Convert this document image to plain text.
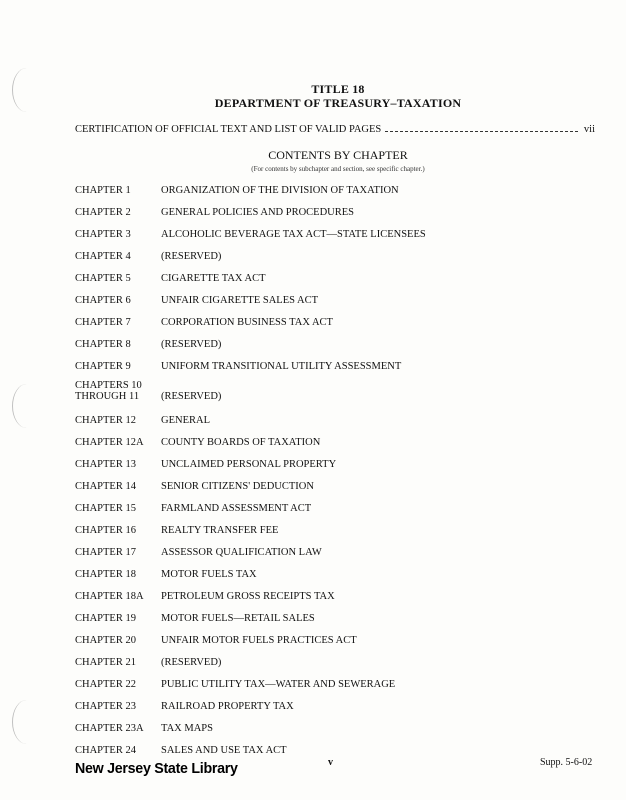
TITLE 18
DEPARTMENT OF TREASURY–TAXATION
CERTIFICATION OF OFFICIAL TEXT AND LIST OF VALID PAGES	vii
CONTENTS BY CHAPTER
(For contents by subchapter and section, see specific chapter.)
CHAPTER 1	ORGANIZATION OF THE DIVISION OF TAXATION
CHAPTER 2	GENERAL POLICIES AND PROCEDURES
CHAPTER 3	ALCOHOLIC BEVERAGE TAX ACT—STATE LICENSEES
CHAPTER 4	(RESERVED)
CHAPTER 5	CIGARETTE TAX ACT
CHAPTER 6	UNFAIR CIGARETTE SALES ACT
CHAPTER 7	CORPORATION BUSINESS TAX ACT
CHAPTER 8	(RESERVED)
CHAPTER 9	UNIFORM TRANSITIONAL UTILITY ASSESSMENT
CHAPTERS 10
THROUGH 11	(RESERVED)
CHAPTER 12	GENERAL
CHAPTER 12A	COUNTY BOARDS OF TAXATION
CHAPTER 13	UNCLAIMED PERSONAL PROPERTY
CHAPTER 14	SENIOR CITIZENS' DEDUCTION
CHAPTER 15	FARMLAND ASSESSMENT ACT
CHAPTER 16	REALTY TRANSFER FEE
CHAPTER 17	ASSESSOR QUALIFICATION LAW
CHAPTER 18	MOTOR FUELS TAX
CHAPTER 18A	PETROLEUM GROSS RECEIPTS TAX
CHAPTER 19	MOTOR FUELS—RETAIL SALES
CHAPTER 20	UNFAIR MOTOR FUELS PRACTICES ACT
CHAPTER 21	(RESERVED)
CHAPTER 22	PUBLIC UTILITY TAX—WATER AND SEWERAGE
CHAPTER 23	RAILROAD PROPERTY TAX
CHAPTER 23A	TAX MAPS
CHAPTER 24	SALES AND USE TAX ACT
New Jersey State Library	v	Supp. 5-6-02
